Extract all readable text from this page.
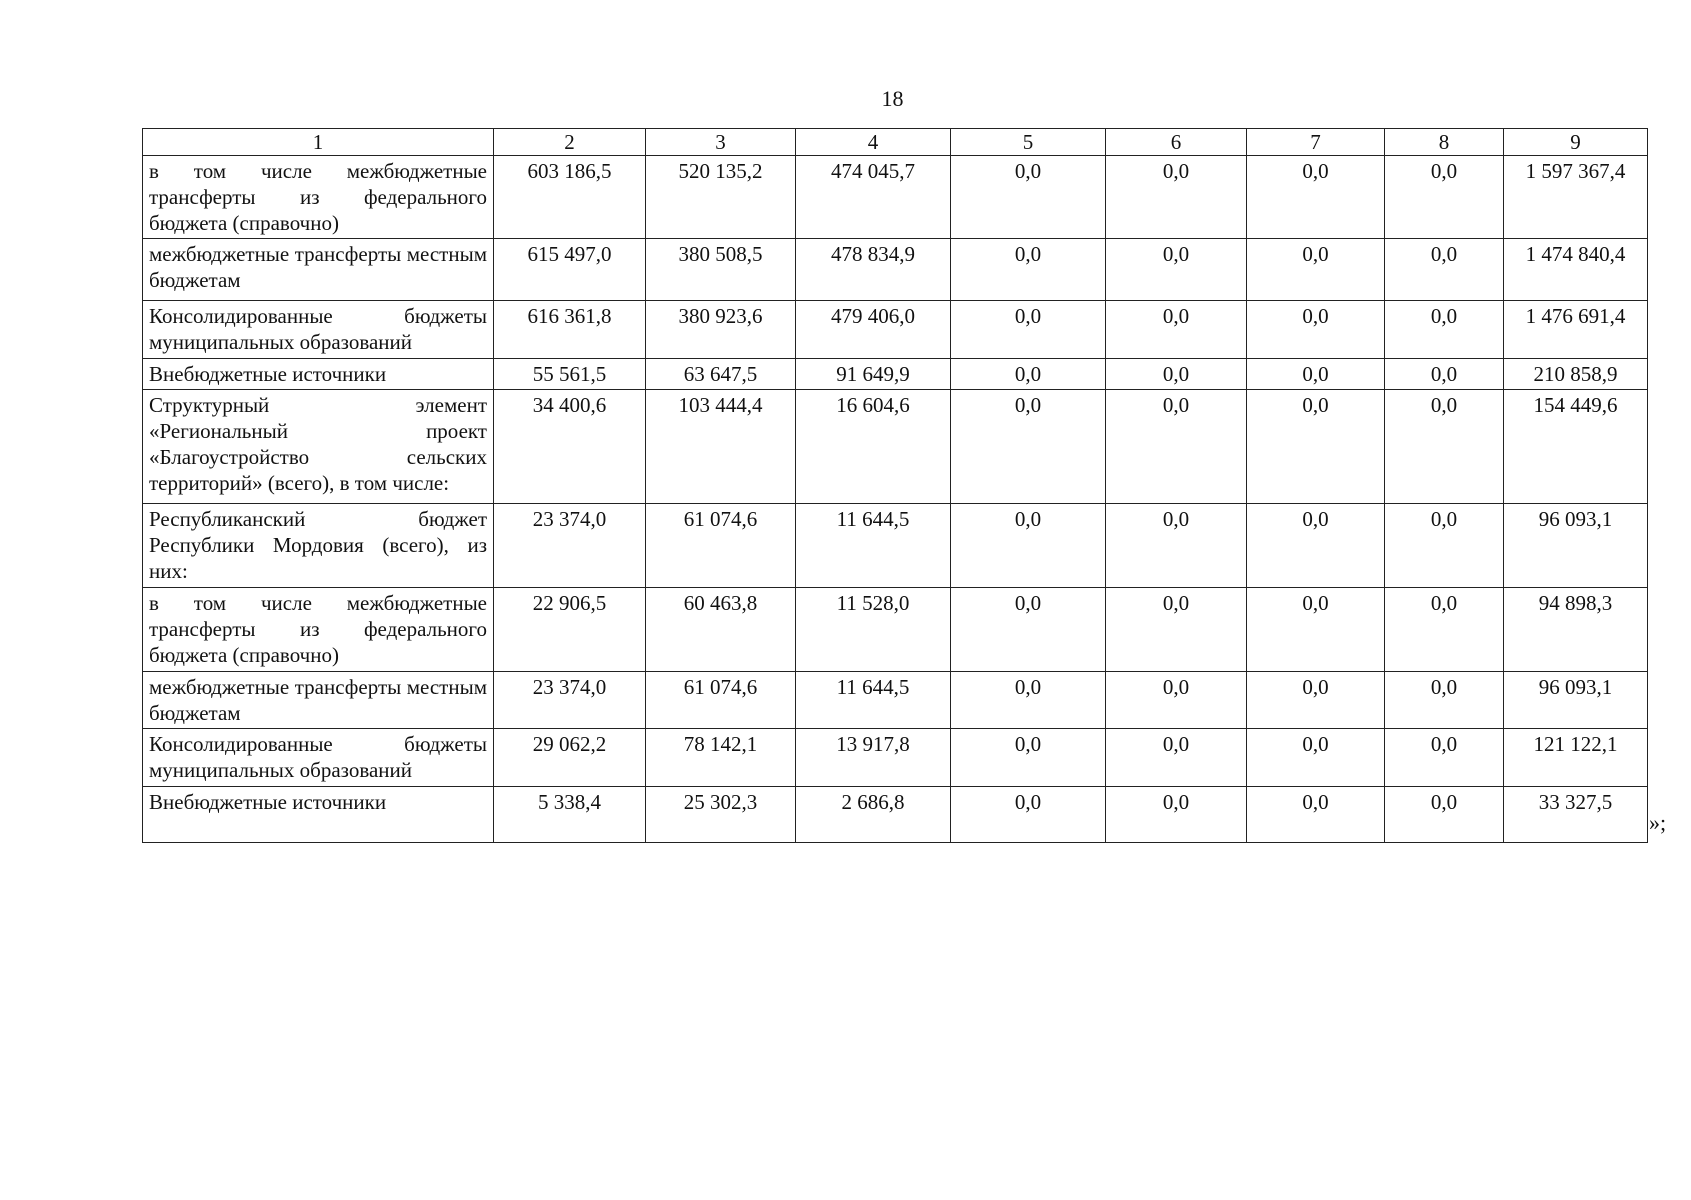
18
1	2	3	4	5	6	7	8	9
в том числе межбюджетные трансферты из федерального бюджета (справочно)	603 186,5	520 135,2	474 045,7	0,0	0,0	0,0	0,0	1 597 367,4
межбюджетные трансферты местным бюджетам	615 497,0	380 508,5	478 834,9	0,0	0,0	0,0	0,0	1 474 840,4
Консолидированные бюджеты муниципальных образований	616 361,8	380 923,6	479 406,0	0,0	0,0	0,0	0,0	1 476 691,4
Внебюджетные источники	55 561,5	63 647,5	91 649,9	0,0	0,0	0,0	0,0	210 858,9
Структурный элемент «Региональный проект «Благоустройство сельских территорий» (всего), в том числе:	34 400,6	103 444,4	16 604,6	0,0	0,0	0,0	0,0	154 449,6
Республиканский бюджет Республики Мордовия (всего), из них:	23 374,0	61 074,6	11 644,5	0,0	0,0	0,0	0,0	96 093,1
в том числе межбюджетные трансферты из федерального бюджета (справочно)	22 906,5	60 463,8	11 528,0	0,0	0,0	0,0	0,0	94 898,3
межбюджетные трансферты местным бюджетам	23 374,0	61 074,6	11 644,5	0,0	0,0	0,0	0,0	96 093,1
Консолидированные бюджеты муниципальных образований	29 062,2	78 142,1	13 917,8	0,0	0,0	0,0	0,0	121 122,1
Внебюджетные источники	5 338,4	25 302,3	2 686,8	0,0	0,0	0,0	0,0	33 327,5
»;
